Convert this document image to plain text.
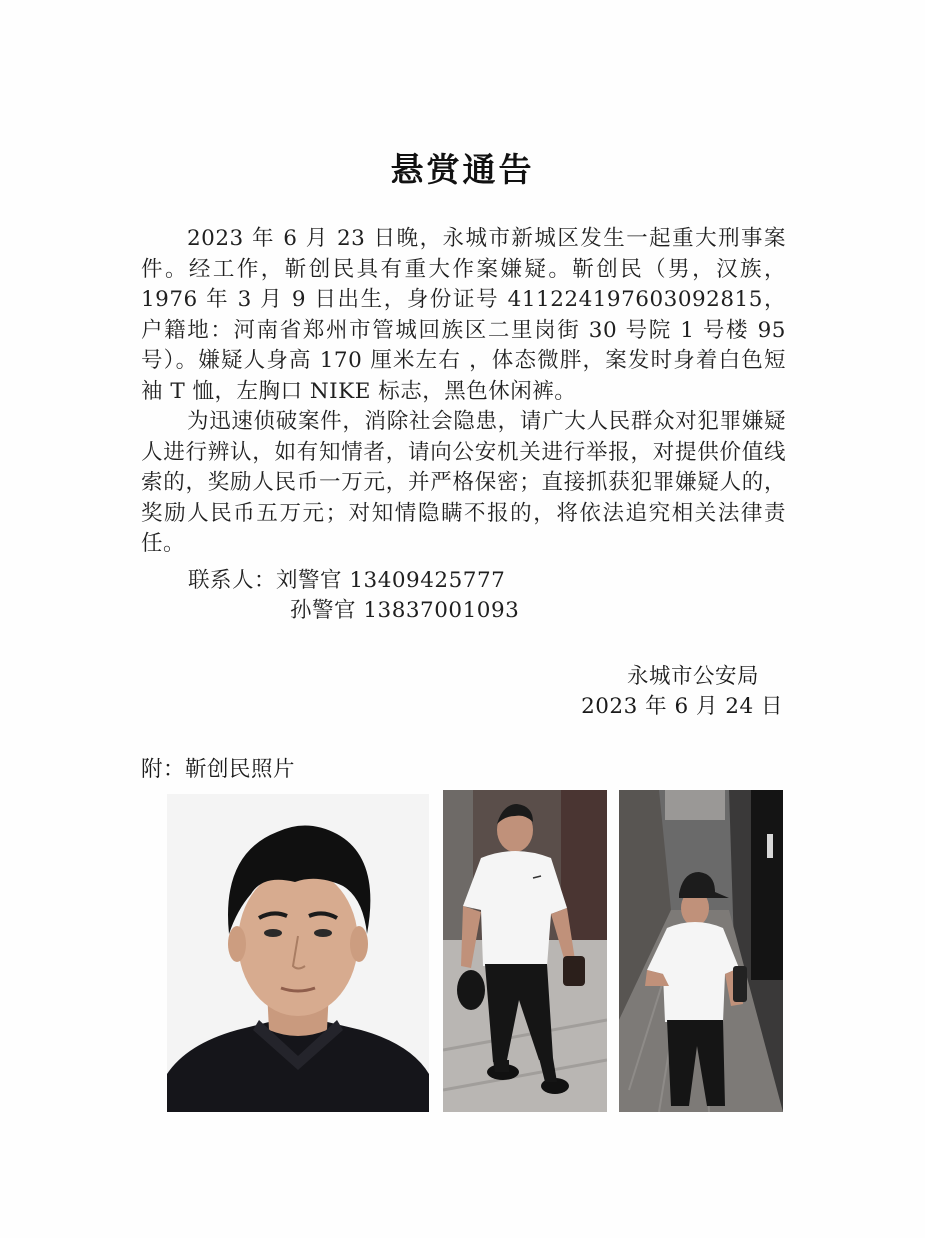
悬赏通告
2023 年 6 月 23 日晚，永城市新城区发生一起重大刑事案件。经工作，靳创民具有重大作案嫌疑。靳创民（男，汉族，1976 年 3 月 9 日出生，身份证号 411224197603092815，户籍地：河南省郑州市管城回族区二里岗街 30 号院 1 号楼 95 号）。嫌疑人身高 170 厘米左右 ，体态微胖，案发时身着白色短袖 T 恤，左胸口 NIKE 标志，黑色休闲裤。
为迅速侦破案件，消除社会隐患，请广大人民群众对犯罪嫌疑人进行辨认，如有知情者，请向公安机关进行举报，对提供价值线索的，奖励人民币一万元，并严格保密；直接抓获犯罪嫌疑人的，奖励人民币五万元；对知情隐瞒不报的，将依法追究相关法律责任。
联系人：刘警官 13409425777
孙警官 13837001093
永城市公安局
2023 年 6 月 24 日
附：靳创民照片
